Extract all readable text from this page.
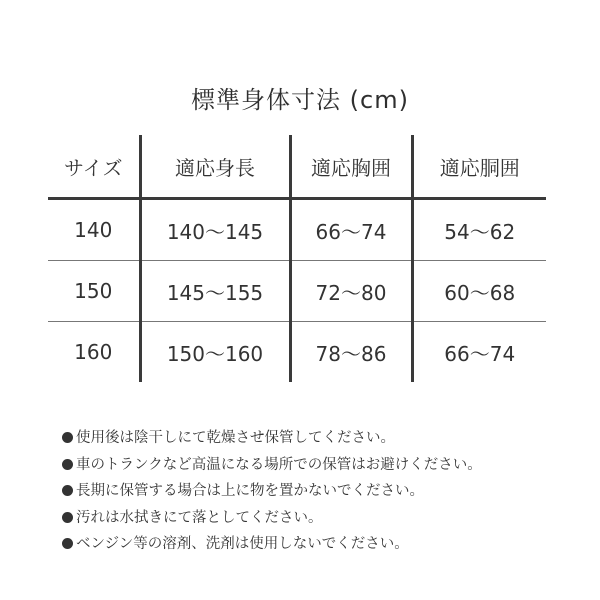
標準身体寸法 (cm)
サイズ	適応身長	適応胸囲	適応胴囲
140	140〜145	66〜74	54〜62
150	145〜155	72〜80	60〜68
160	150〜160	78〜86	66〜74
使用後は陰干しにて乾燥させ保管してください。
車のトランクなど高温になる場所での保管はお避けください。
長期に保管する場合は上に物を置かないでください。
汚れは水拭きにて落としてください。
ベンジン等の溶剤、洗剤は使用しないでください。
